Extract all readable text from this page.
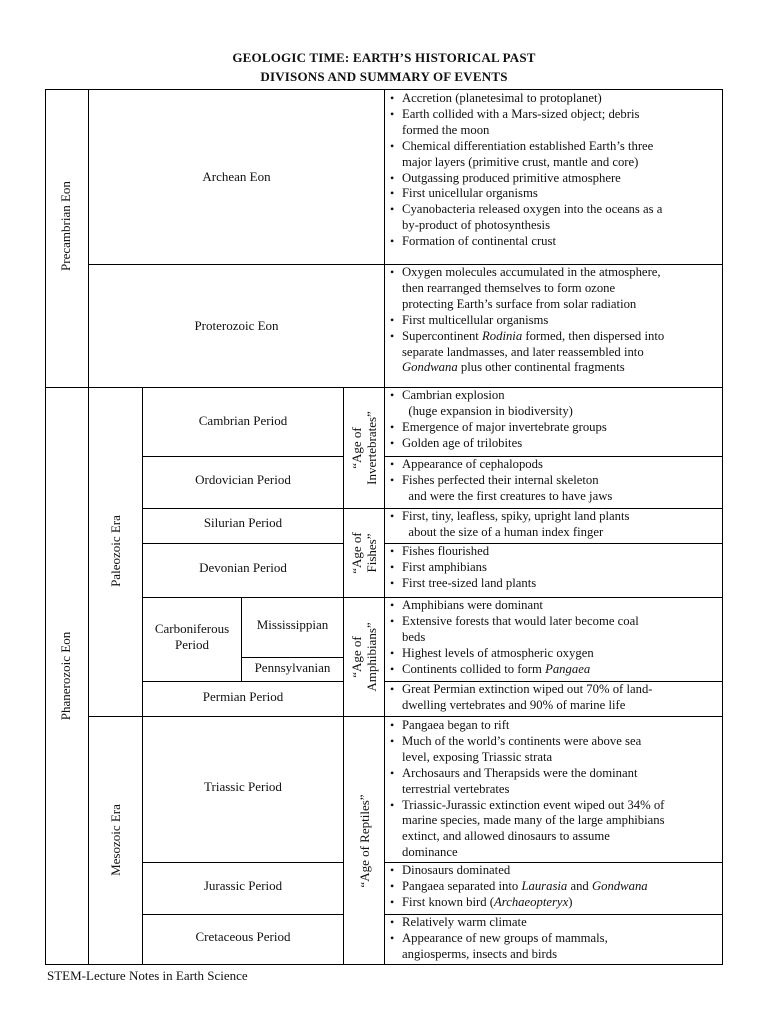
GEOLOGIC TIME: EARTH’S HISTORICAL PAST
DIVISONS AND SUMMARY OF EVENTS
Precambrian Eon
Phanerozoic Eon
Paleozoic Era
Mesozoic Era
“Age of Invertebrates”
“Age of Fishes”
“Age of Amphibians”
“Age of Reptiles”
Archean Eon
Proterozoic Eon
Cambrian Period
Ordovician Period
Silurian Period
Devonian Period
Carboniferous
Period
Mississippian
Pennsylvanian
Permian Period
Triassic Period
Jurassic Period
Cretaceous Period
• Accretion (planetesimal to protoplanet)
• Earth collided with a Mars-sized object; debris
formed the moon
• Chemical differentiation established Earth’s three
major layers (primitive crust, mantle and core)
• Outgassing produced primitive atmosphere
• First unicellular organisms
• Cyanobacteria released oxygen into the oceans as a
by-product of photosynthesis
• Formation of continental crust
• Oxygen molecules accumulated in the atmosphere,
then rearranged themselves to form ozone
protecting Earth’s surface from solar radiation
• First multicellular organisms
• Supercontinent Rodinia formed, then dispersed into
separate landmasses, and later reassembled into
Gondwana plus other continental fragments
• Cambrian explosion
(huge expansion in biodiversity)
• Emergence of major invertebrate groups
• Golden age of trilobites
• Appearance of cephalopods
• Fishes perfected their internal skeleton
and were the first creatures to have jaws
• First, tiny, leafless, spiky, upright land plants
about the size of a human index finger
• Fishes flourished
• First amphibians
• First tree-sized land plants
• Amphibians were dominant
• Extensive forests that would later become coal
beds
• Highest levels of atmospheric oxygen
• Continents collided to form Pangaea
• Great Permian extinction wiped out 70% of land-
dwelling vertebrates and 90% of marine life
• Pangaea began to rift
• Much of the world’s continents were above sea
level, exposing Triassic strata
• Archosaurs and Therapsids were the dominant
terrestrial vertebrates
• Triassic-Jurassic extinction event wiped out 34% of
marine species, made many of the large amphibians
extinct, and allowed dinosaurs to assume
dominance
• Dinosaurs dominated
• Pangaea separated into Laurasia and Gondwana
• First known bird (Archaeopteryx)
• Relatively warm climate
• Appearance of new groups of mammals,
angiosperms, insects and birds
STEM-Lecture Notes in Earth Science
